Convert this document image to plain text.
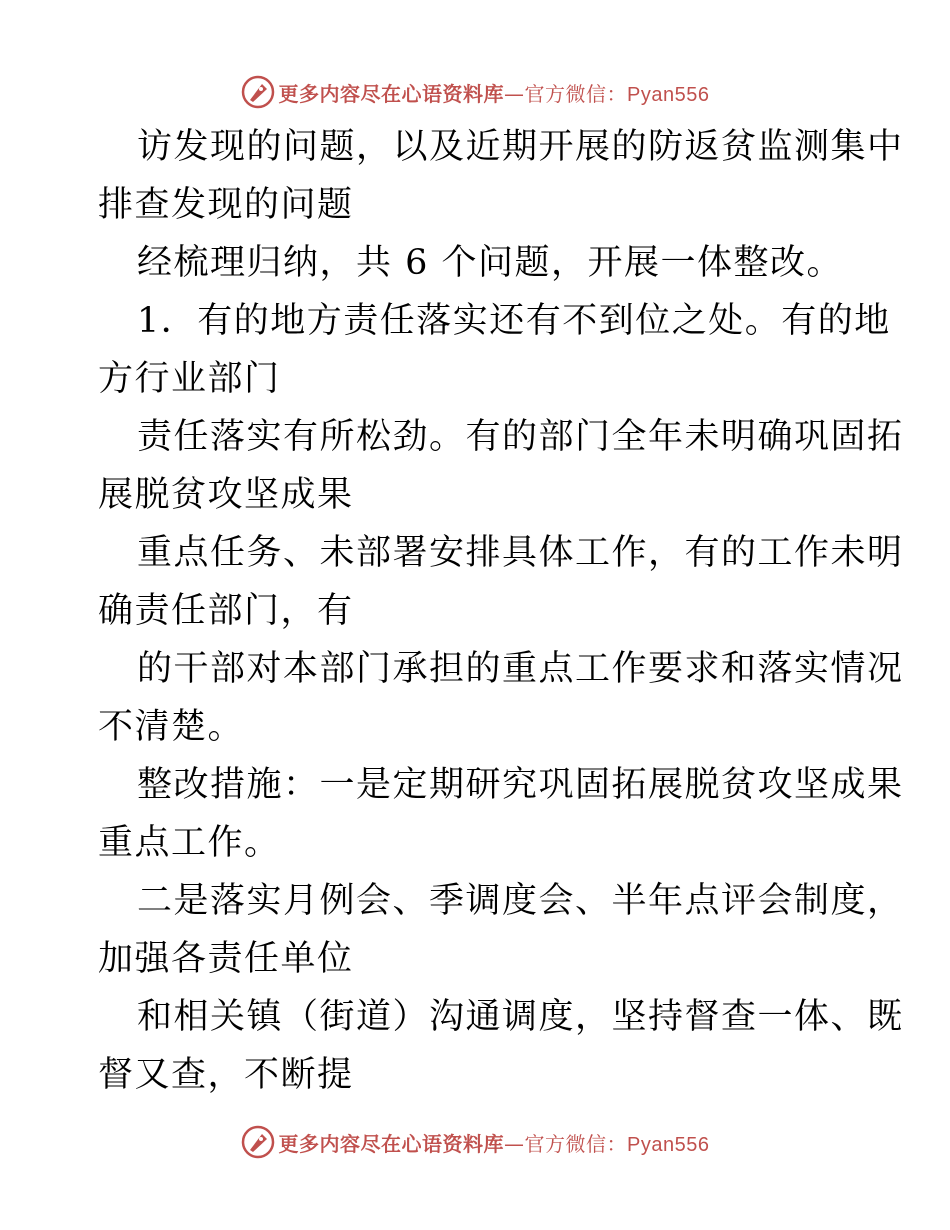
更多内容尽在心语资料库—官方微信：Pyan556
访发现的问题，以及近期开展的防返贫监测集中
排查发现的问题
经梳理归纳，共 6 个问题，开展一体整改。
1．有的地方责任落实还有不到位之处。有的地
方行业部门
责任落实有所松劲。有的部门全年未明确巩固拓
展脱贫攻坚成果
重点任务、未部署安排具体工作，有的工作未明
确责任部门，有
的干部对本部门承担的重点工作要求和落实情况
不清楚。
整改措施：一是定期研究巩固拓展脱贫攻坚成果
重点工作。
二是落实月例会、季调度会、半年点评会制度，
加强各责任单位
和相关镇（街道）沟通调度，坚持督查一体、既
督又查，不断提
更多内容尽在心语资料库—官方微信：Pyan556
